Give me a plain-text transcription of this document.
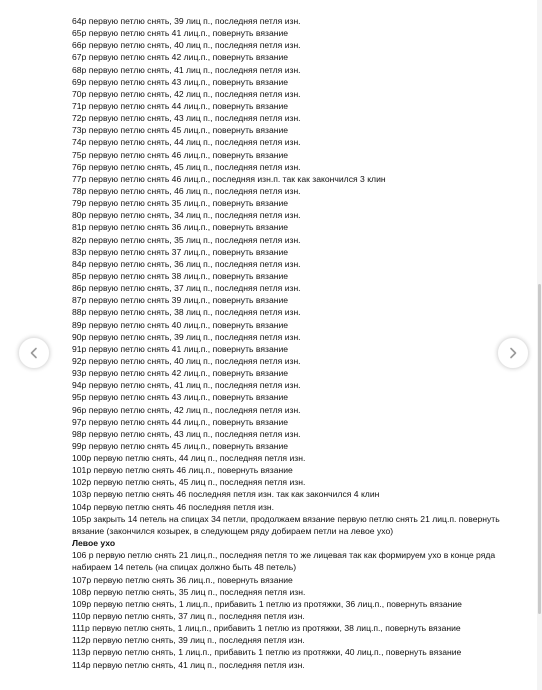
64р первую петлю снять, 39 лиц п., последняя петля изн.
65р первую петлю снять 41 лиц.п., повернуть вязание
66р первую петлю снять, 40 лиц п., последняя петля изн.
67р первую петлю снять 42 лиц.п., повернуть вязание
68р первую петлю снять, 41 лиц п., последняя петля изн.
69р первую петлю снять 43 лиц.п., повернуть вязание
70р первую петлю снять, 42 лиц п., последняя петля изн.
71р первую петлю снять 44 лиц.п., повернуть вязание
72р первую петлю снять, 43 лиц п., последняя петля изн.
73р первую петлю снять 45 лиц.п., повернуть вязание
74р первую петлю снять, 44 лиц п., последняя петля изн.
75р первую петлю снять 46 лиц.п., повернуть вязание
76р первую петлю снять, 45 лиц п., последняя петля изн.
77р первую петлю снять 46 лиц.п., последняя изн.п. так как закончился 3 клин
78р первую петлю снять, 46 лиц п., последняя петля изн.
79р первую петлю снять 35 лиц.п., повернуть вязание
80р первую петлю снять, 34 лиц п., последняя петля изн.
81р первую петлю снять 36 лиц.п., повернуть вязание
82р первую петлю снять, 35 лиц п., последняя петля изн.
83р первую петлю снять 37 лиц.п., повернуть вязание
84р первую петлю снять, 36 лиц п., последняя петля изн.
85р первую петлю снять 38 лиц.п., повернуть вязание
86р первую петлю снять, 37 лиц п., последняя петля изн.
87р первую петлю снять 39 лиц.п., повернуть вязание
88р первую петлю снять, 38 лиц п., последняя петля изн.
89р первую петлю снять 40 лиц.п., повернуть вязание
90р первую петлю снять, 39 лиц п., последняя петля изн.
91р первую петлю снять 41 лиц.п., повернуть вязание
92р первую петлю снять, 40 лиц п., последняя петля изн.
93р первую петлю снять 42 лиц.п., повернуть вязание
94р первую петлю снять, 41 лиц п., последняя петля изн.
95р первую петлю снять 43 лиц.п., повернуть вязание
96р первую петлю снять, 42 лиц п., последняя петля изн.
97р первую петлю снять 44 лиц.п., повернуть вязание
98р первую петлю снять, 43 лиц п., последняя петля изн.
99р первую петлю снять 45 лиц.п., повернуть вязание
100р первую петлю снять, 44 лиц п., последняя петля изн.
101р первую петлю снять 46 лиц.п., повернуть вязание
102р первую петлю снять, 45 лиц п., последняя петля изн.
103р первую петлю снять 46 последняя петля изн. так как закончился 4 клин
104р первую петлю снять 46 последняя петля изн.
105р закрыть 14 петель на спицах 34 петли, продолжаем вязание первую петлю снять 21 лиц.п. повернуть вязание (закончился козырек, в следующем ряду добираем петли на левое ухо)
Левое ухо
106 р первую петлю снять 21 лиц.п., последняя петля то же лицевая так как формируем ухо в конце ряда набираем 14 петель (на спицах должно быть 48 петель)
107р первую петлю снять 36 лиц.п., повернуть вязание
108р первую петлю снять, 35 лиц п., последняя петля изн.
109р первую петлю снять, 1 лиц.п., прибавить 1 петлю из протяжки, 36 лиц.п., повернуть вязание
110р первую петлю снять, 37 лиц п., последняя петля изн.
111р первую петлю снять, 1 лиц.п., прибавить 1 петлю из протяжки, 38 лиц.п., повернуть вязание
112р первую петлю снять, 39 лиц п., последняя петля изн.
113р первую петлю снять, 1 лиц.п., прибавить 1 петлю из протяжки, 40 лиц.п., повернуть вязание
114р первую петлю снять, 41 лиц п., последняя петля изн.
